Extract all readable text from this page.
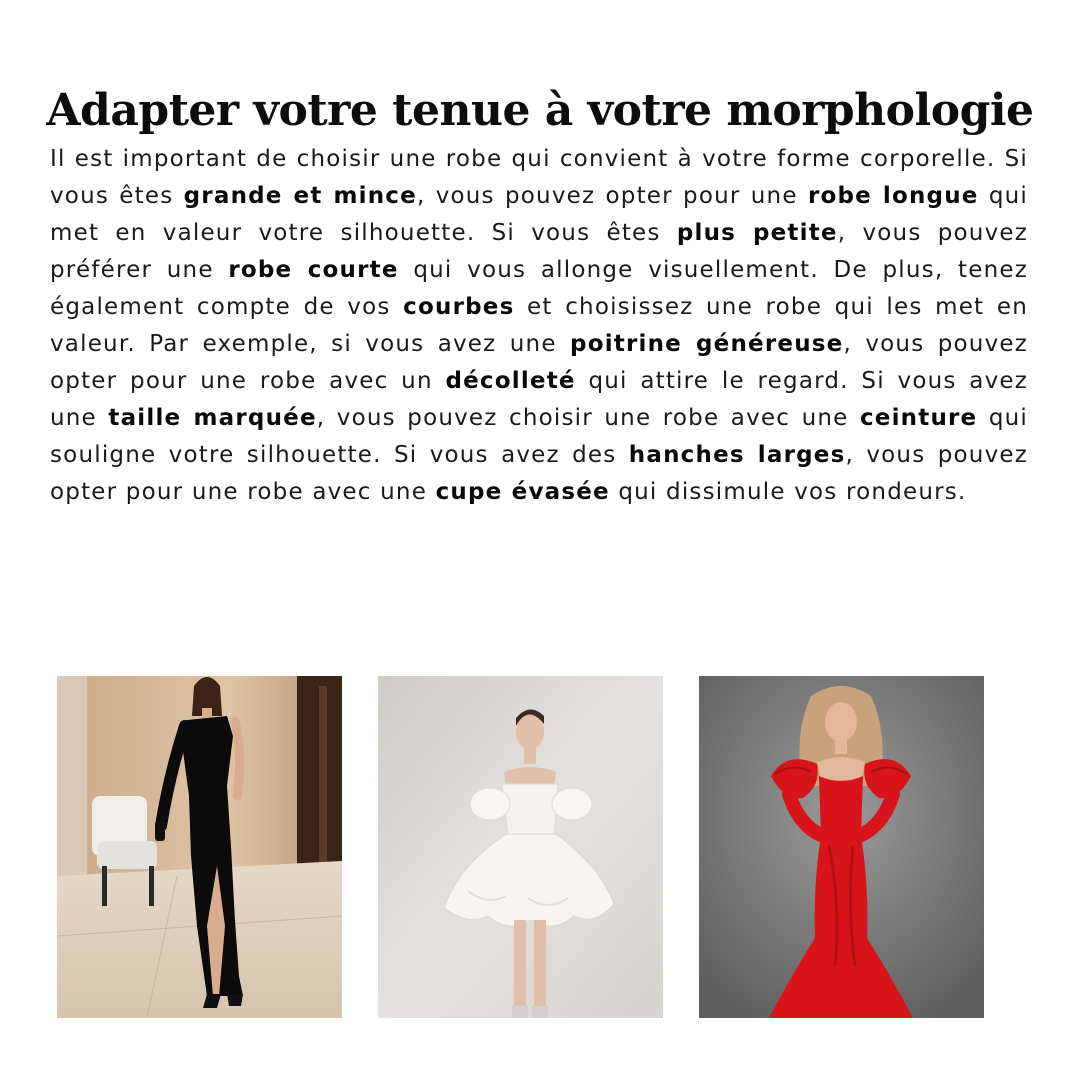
Adapter votre tenue à votre morphologie

Il est important de choisir une robe qui convient à votre forme corporelle. Si vous êtes grande et mince, vous pouvez opter pour une robe longue qui met en valeur votre silhouette. Si vous êtes plus petite, vous pouvez préférer une robe courte qui vous allonge visuellement. De plus, tenez également compte de vos courbes et choisissez une robe qui les met en valeur. Par exemple, si vous avez une poitrine généreuse, vous pouvez opter pour une robe avec un décolleté qui attire le regard. Si vous avez une taille marquée, vous pouvez choisir une robe avec une ceinture qui souligne votre silhouette. Si vous avez des hanches larges, vous pouvez opter pour une robe avec une cupe évasée qui dissimule vos rondeurs.
